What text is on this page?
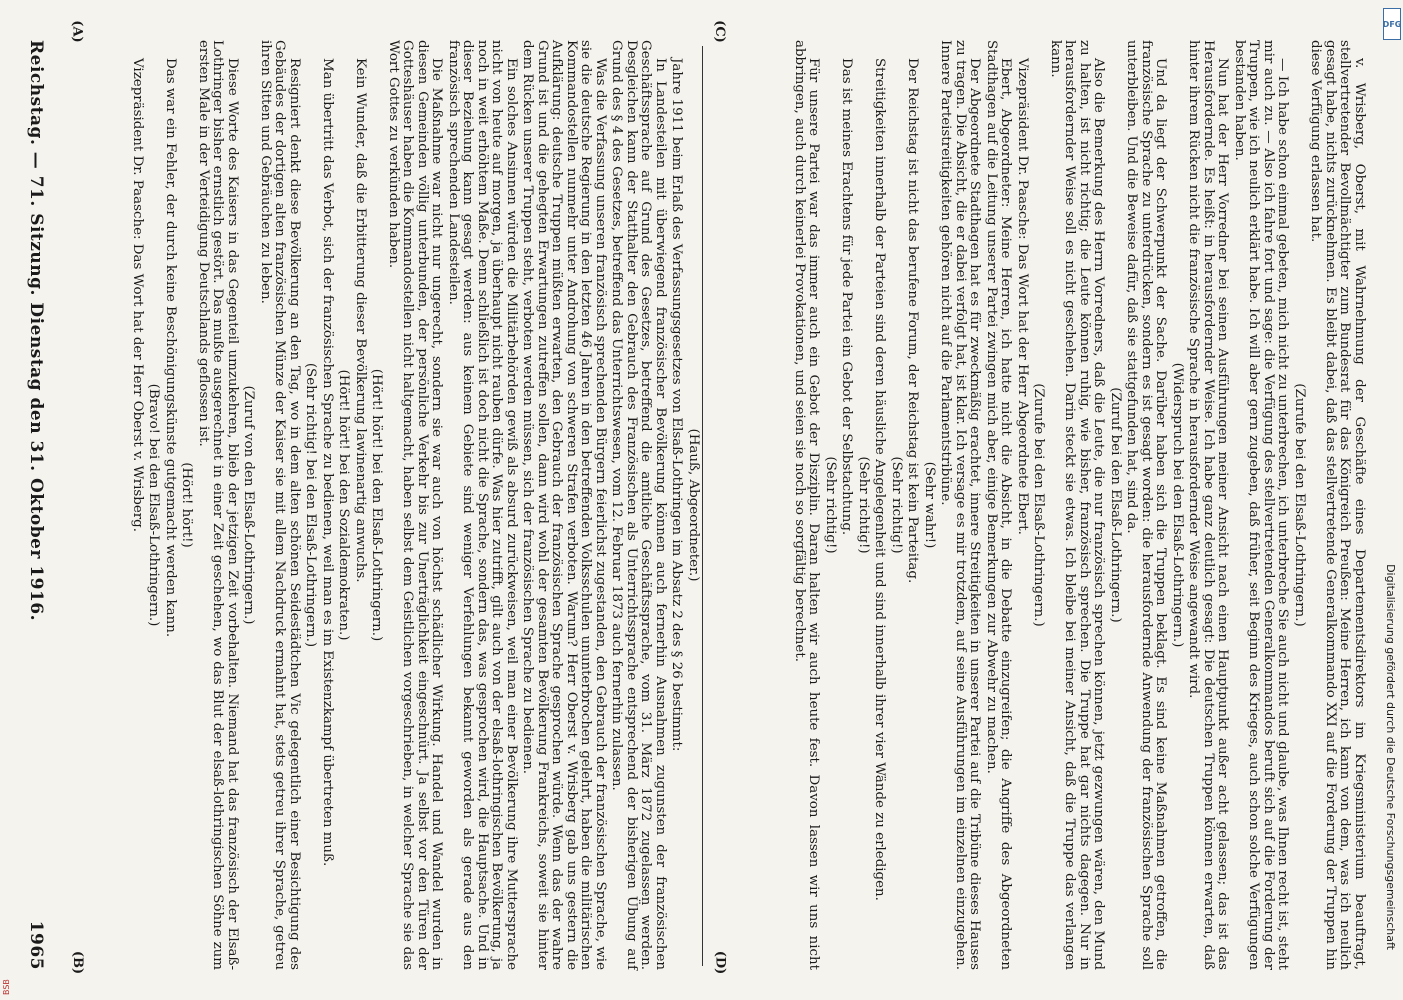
Reichstag. — 71. Sitzung. Dienstag den 31. Oktober 1916.
1965
(A)
(B)
(C)
(D)

(Hauß, Abgeordneter.)

Jahre 1911 beim Erlaß des Verfassungsgesetzes von Elsaß-Lothringen im Absatz 2 des § 26 bestimmt:

In Landesteilen mit überwiegend französischer Bevölkerung können auch fernerhin Ausnahmen zugunsten der französischen Geschäftssprache auf Grund des Gesetzes, betreffend die amtliche Geschäftssprache, vom 31. März 1872 zugelassen werden. Desgleichen kann der Statthalter den Gebrauch des Französischen als Unterrichtssprache entsprechend der bisherigen Übung auf Grund des § 4 des Gesetzes, betreffend das Unterrichtswesen, vom 12. Februar 1873 auch fernerhin zulassen.

Was die Verfassung unseren französisch sprechenden Bürgern feierlichst zugestanden, den Gebrauch der französischen Sprache, wie sie die deutsche Regierung in den letzten 46 Jahren in den betreffenden Volksschulen ununterbrochen gelehrt, haben die militärischen Kommandostellen nunmehr unter Androhung von schweren Strafen verboten. Warum? Herr Oberst v. Wrisberg gab uns gestern die Aufklärung: deutsche Truppen müßten erwarten, den Gebrauch der französischen Sprache gesprochen würde. Wenn das der wahre Grund ist und die gehegten Erwartungen zutreffen sollen, dann wird wohl der gesamten Bevölkerung Frankreichs, soweit sie hinter dem Rücken unserer Truppen steht, verboten werden müssen, sich der französischen Sprache zu bedienen.

Ein solches Ansinnen würden die Militärbehörden gewiß als absurd zurückweisen, weil man einer Bevölkerung ihre Muttersprache nicht von heute auf morgen, ja überhaupt nicht rauben dürfe. Was hier zutrifft, gilt auch von der elsaß-lothringischen Bevölkerung, ja noch in weit erhöhtem Maße. Denn schließlich ist doch nicht die Sprache, sondern das, was gesprochen wird, die Hauptsache. Und in dieser Beziehung kann gesagt werden: aus keinem Gebiete sind weniger Verfehlungen bekannt geworden als gerade aus den französisch sprechenden Landesteilen.

Die Maßnahme war nicht nur ungerecht, sondern sie war auch von höchst schädlicher Wirkung. Handel und Wandel wurden in diesen Gemeinden völlig unterbunden, der persönliche Verkehr bis zur Unerträglichkeit eingeschnürt. Ja selbst vor den Türen der Gotteshäuser haben die Kommandostellen nicht haltgemacht, haben selbst dem Geistlichen vorgeschrieben, in welcher Sprache sie das Wort Gottes zu verkünden haben.

(Hört! hört! bei den Elsaß-Lothringern.)

Kein Wunder, daß die Erbitterung dieser Bevölkerung lawinenartig anwuchs.

(Hört! hört! bei den Sozialdemokraten.)

Man übertritt das Verbot, sich der französischen Sprache zu bedienen, weil man es im Existenzkampf übertreten muß.

(Sehr richtig! bei den Elsaß-Lothringern.)

Resigniert denkt diese Bevölkerung an den Tag, wo in dem alten schönen Seidestädtchen Vic gelegentlich einer Besichtigung des Gebäudes der dortigen alten französischen Münze der Kaiser sie mit allem Nachdruck ermahnt hat, stets getreu ihrer Sprache, getreu ihren Sitten und Gebräuchen zu leben.

(Zuruf von den Elsaß-Lothringern.)

Diese Worte des Kaisers in das Gegenteil umzukehren, blieb der jetzigen Zeit vorbehalten. Niemand hat das französisch der Elsaß-Lothringer bisher ernstlich gestört. Das mußte ausgerechnet in einer Zeit geschehen, wo das Blut der elsaß-lothringischen Söhne zum ersten Male in der Verteidigung Deutschlands geflossen ist.

(Hört! hört!)

Das war ein Fehler, der durch keine Beschönigungskünste gutgemacht werden kann.

(Bravo! bei den Elsaß-Lothringern.)

Vizepräsident Dr. Paasche: Das Wort hat der Herr Oberst v. Wrisberg.	v. Wrisberg, Oberst, mit Wahrnehmung der Geschäfte eines Departementsdirektors im Kriegsministerium beauftragt, stellvertretender Bevollmächtigter zum Bundesrat für das Königreich Preußen: Meine Herren, ich kann von dem, was ich neulich gesagt habe, nichts zurücknehmen. Es bleibt dabei, daß das stellvertretende Generalkommando XXI auf die Forderung der Truppen hin diese Verfügung erlassen hat.

(Zurufe bei den Elsaß-Lothringern.)

— Ich habe schon einmal gebeten, mich nicht zu unterbrechen, ich unterbreche Sie auch nicht und glaube, was Ihnen recht ist, steht mir auch zu. — Also ich fahre fort und sage: die Verfügung des stellvertretenden Generalkommandos beruft sich auf die Forderung der Truppen, wie ich neulich erklärt habe. Ich will aber gern zugeben, daß früher, seit Beginn des Krieges, auch schon solche Verfügungen bestanden haben.

Nun hat der Herr Vorredner bei seinen Ausführungen meiner Ansicht nach einen Hauptpunkt außer acht gelassen; das ist das Herausfordernde. Es heißt: in herausfordernder Weise. Ich habe ganz deutlich gesagt: Die deutschen Truppen können erwarten, daß hinter ihrem Rücken nicht die französische Sprache in herausfordernder Weise angewandt wird.

(Widerspruch bei den Elsaß-Lothringern.)

Und da liegt der Schwerpunkt der Sache. Darüber haben sich die Truppen beklagt. Es sind keine Maßnahmen getroffen, die französische Sprache zu unterdrücken, sondern es ist gesagt worden: die herausfordernde Anwendung der französischen Sprache soll unterbleiben. Und die Beweise dafür, daß sie stattgefunden hat, sind da.

(Zuruf bei den Elsaß-Lothringern.)

Also die Bemerkung des Herrn Vorredners, daß die Leute, die nur französisch sprechen können, jetzt gezwungen wären, den Mund zu halten, ist nicht richtig; die Leute können ruhig, wie bisher, französisch sprechen. Die Truppe hat gar nichts dagegen. Nur in herausfordernder Weise soll es nicht geschehen. Darin steckt sie etwas. Ich bleibe bei meiner Ansicht, daß die Truppe das verlangen kann.

(Zurufe bei den Elsaß-Lothringern.)

Vizepräsident Dr. Paasche: Das Wort hat der Herr Abgeordnete Ebert.

Ebert, Abgeordneter: Meine Herren, ich hatte nicht die Absicht, in die Debatte einzugreifen; die Angriffe des Abgeordneten Stadthagen auf die Leitung unserer Partei zwingen mich aber, einige Bemerkungen zur Abwehr zu machen.

Der Abgeordnete Stadthagen hat es für zweckmäßig erachtet, innere Streitigkeiten in unserer Partei auf die Tribüne dieses Hauses zu tragen. Die Absicht, die er dabei verfolgt hat, ist klar. Ich versage es mir trotzdem, auf seine Ausführungen im einzelnen einzugehen. Innere Parteistreitigkeiten gehören nicht auf die Parlamentstribüne.

(Sehr wahr!)

Der Reichstag ist nicht das berufene Forum, der Reichstag ist kein Parteitag.

(Sehr richtig!)

Streitigkeiten innerhalb der Parteien sind deren häusliche Angelegenheit und sind innerhalb ihrer vier Wände zu erledigen.

(Sehr richtig!)

Das ist meines Erachtens für jede Partei ein Gebot der Selbstachtung.

(Sehr richtig!)

Für unsere Partei war das immer auch ein Gebot der Disziplin. Daran halten wir auch heute fest. Davon lassen wir uns nicht abbringen, auch durch keinerlei Provokationen, und seien sie noch so sorgfältig berechnet.

Digitalisierung gefördert durch die Deutsche Forschungsgemeinschaft
DFG
BSB
